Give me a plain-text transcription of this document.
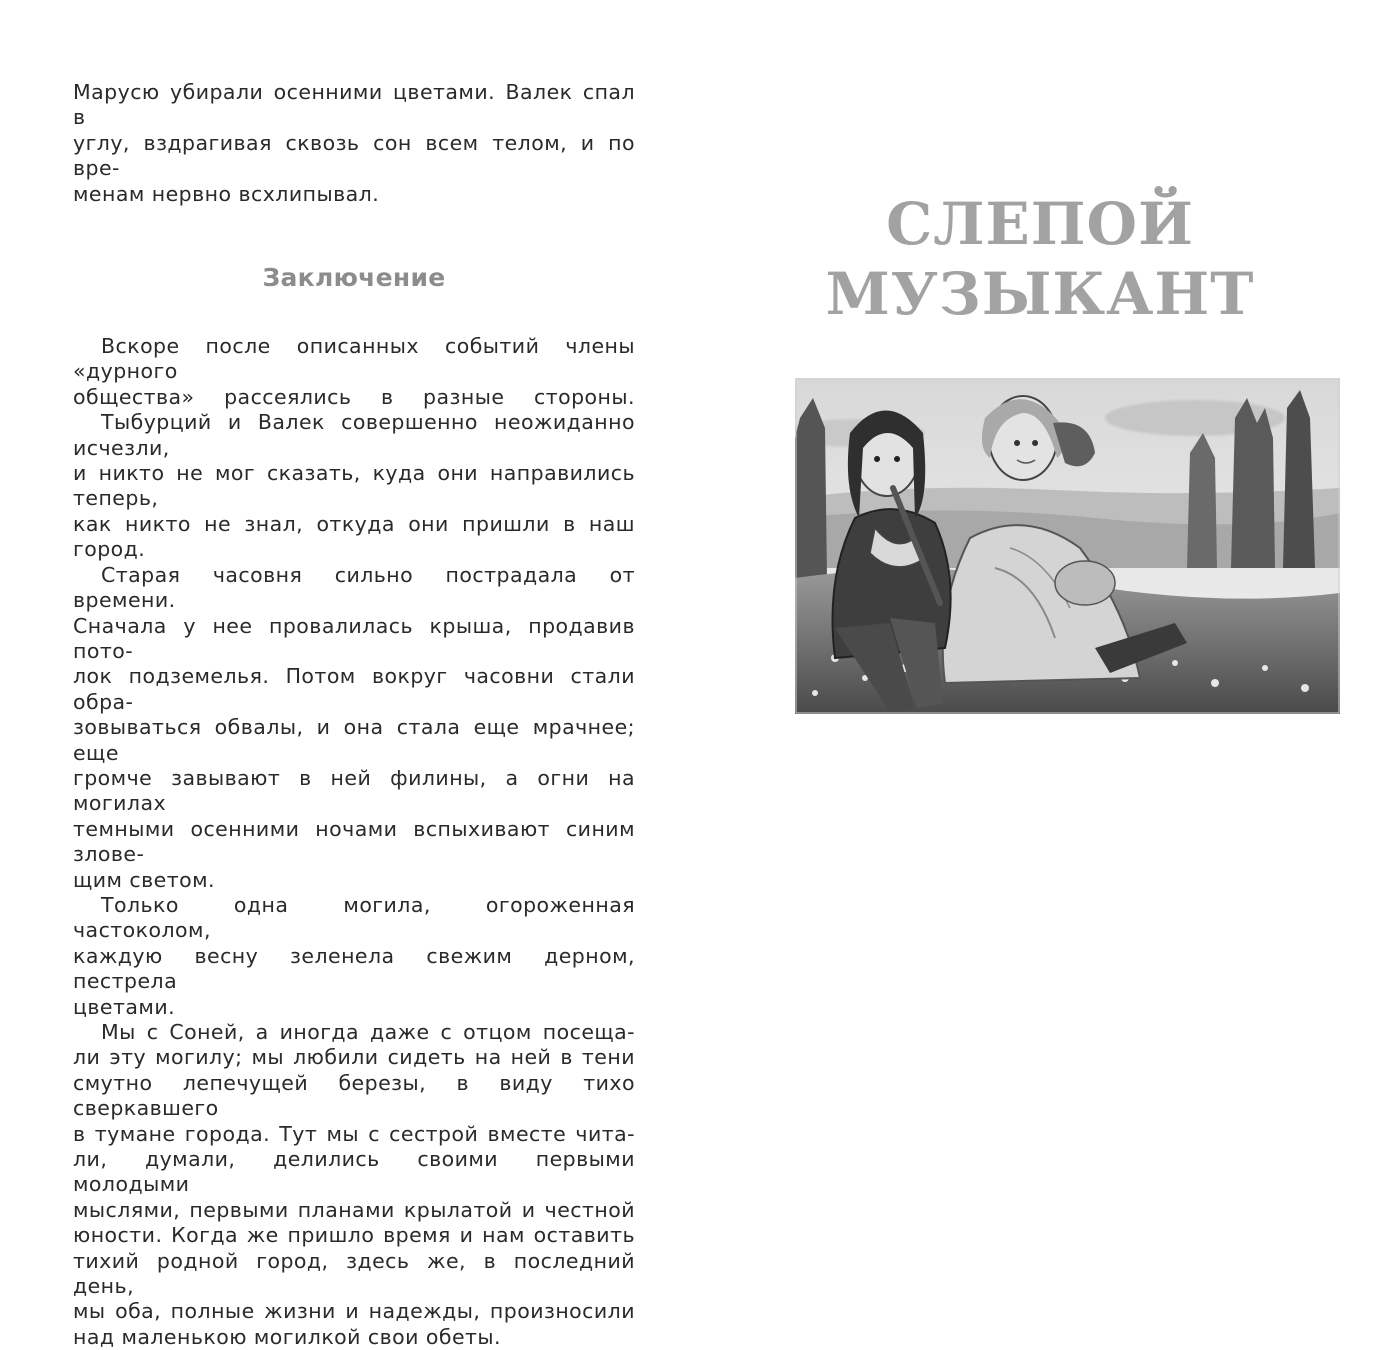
Марусю убирали осенними цветами. Валек спал в
углу, вздрагивая сквозь сон всем телом, и по вре-
менам нервно всхлипывал.

Заключение

Вскоре после описанных событий члены «дурного
общества» рассеялись в разные стороны.

Тыбурций и Валек совершенно неожиданно исчезли,
и никто не мог сказать, куда они направились теперь,
как никто не знал, откуда они пришли в наш город.

Старая часовня сильно пострадала от времени.
Сначала у нее провалилась крыша, продавив пото-
лок подземелья. Потом вокруг часовни стали обра-
зовываться обвалы, и она стала еще мрачнее; еще
громче завывают в ней филины, а огни на могилах
темными осенними ночами вспыхивают синим злове-
щим светом.

Только одна могила, огороженная частоколом,
каждую весну зеленела свежим дерном, пестрела
цветами.

Мы с Соней, а иногда даже с отцом посеща-
ли эту могилу; мы любили сидеть на ней в тени
смутно лепечущей березы, в виду тихо сверкавшего
в тумане города. Тут мы с сестрой вместе чита-
ли, думали, делились своими первыми молодыми
мыслями, первыми планами крылатой и честной
юности. Когда же пришло время и нам оставить
тихий родной город, здесь же, в последний день,
мы оба, полные жизни и надежды, произносили
над маленькою могилкой свои обеты.

СЛЕПОЙ
МУЗЫКАНТ
